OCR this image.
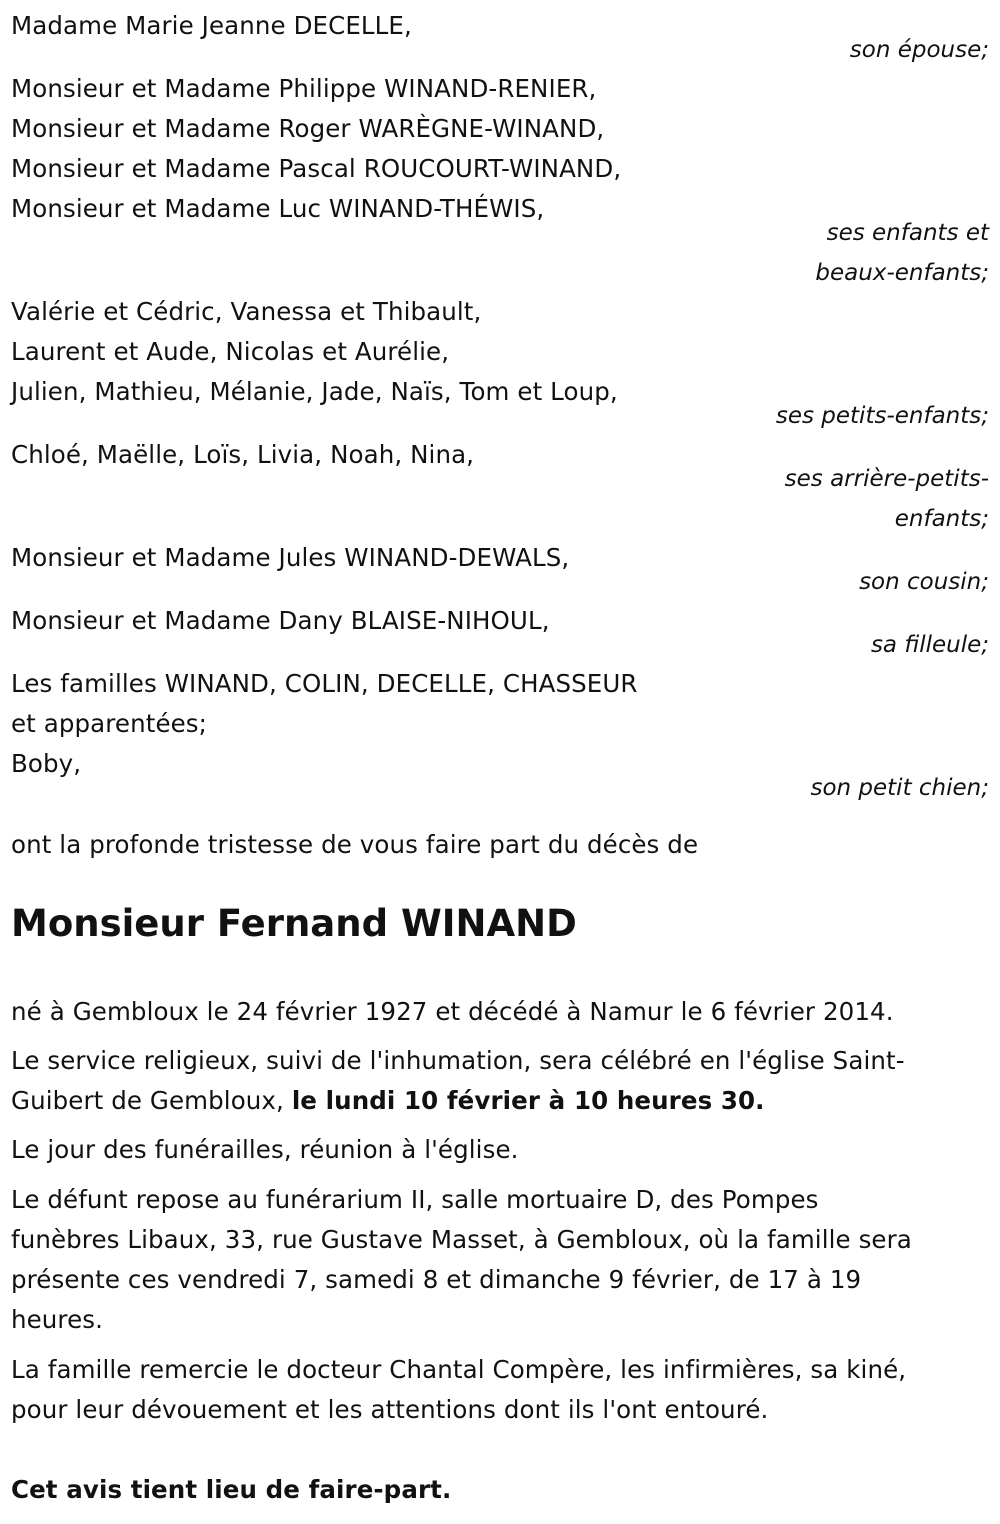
Madame Marie Jeanne DECELLE,
son épouse;
Monsieur et Madame Philippe WINAND-RENIER,
Monsieur et Madame Roger WARÈGNE-WINAND,
Monsieur et Madame Pascal ROUCOURT-WINAND,
Monsieur et Madame Luc WINAND-THÉWIS,
ses enfants et
beaux-enfants;
Valérie et Cédric, Vanessa et Thibault,
Laurent et Aude, Nicolas et Aurélie,
Julien, Mathieu, Mélanie, Jade, Naïs, Tom et Loup,
ses petits-enfants;
Chloé, Maëlle, Loïs, Livia, Noah, Nina,
ses arrière-petits-
enfants;
Monsieur et Madame Jules WINAND-DEWALS,
son cousin;
Monsieur et Madame Dany BLAISE-NIHOUL,
sa filleule;
Les familles WINAND, COLIN, DECELLE, CHASSEUR
et apparentées;
Boby,
son petit chien;
ont la profonde tristesse de vous faire part du décès de
Monsieur Fernand WINAND
né à Gembloux le 24 février 1927 et décédé à Namur le 6 février 2014.
Le service religieux, suivi de l'inhumation, sera célébré en l'église Saint-
Guibert de Gembloux, le lundi 10 février à 10 heures 30.
Le jour des funérailles, réunion à l'église.
Le défunt repose au funérarium II, salle mortuaire D, des Pompes
funèbres Libaux, 33, rue Gustave Masset, à Gembloux, où la famille sera
présente ces vendredi 7, samedi 8 et dimanche 9 février, de 17 à 19
heures.
La famille remercie le docteur Chantal Compère, les infirmières, sa kiné,
pour leur dévouement et les attentions dont ils l'ont entouré.
Cet avis tient lieu de faire-part.
